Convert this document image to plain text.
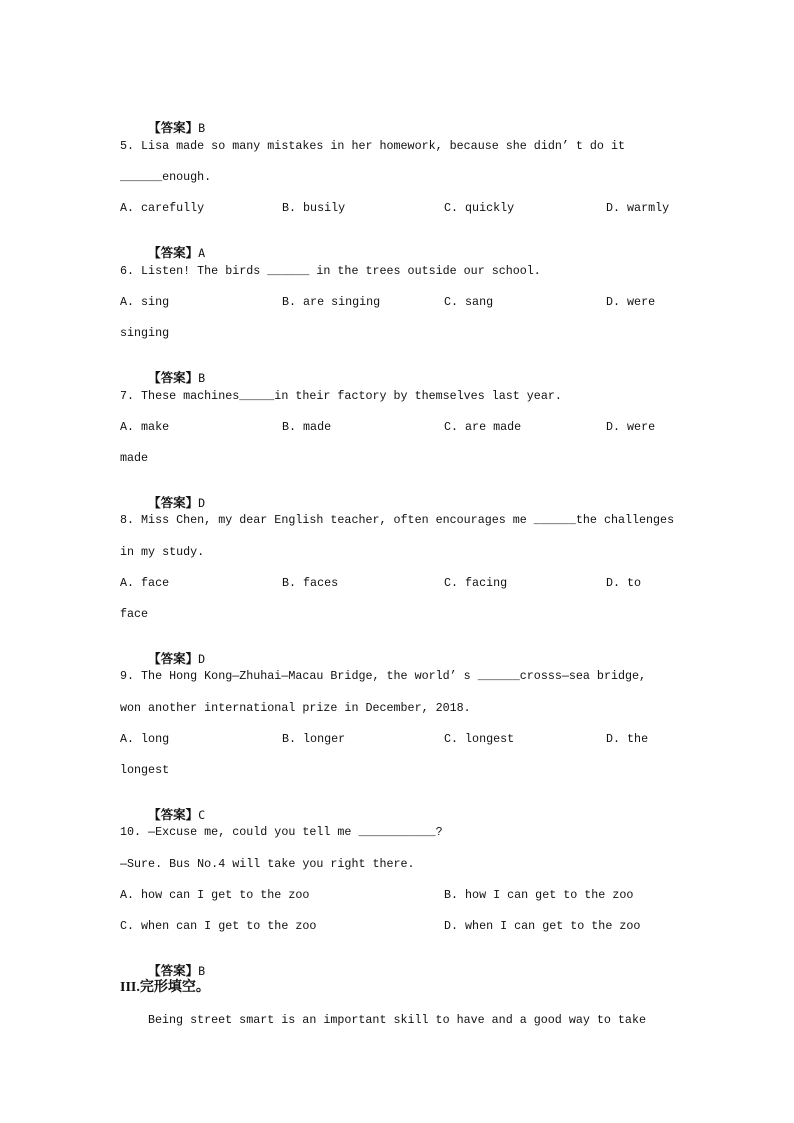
【答案】B

5. Lisa made so many mistakes in her homework, because she didn’ t do it
______enough.
A. carefully	B. busily	C. quickly	D. warmly

【答案】A

6. Listen! The birds ______ in the trees outside our school.
A. sing	B. are singing	C. sang	D. were
singing

【答案】B

7. These machines_____in their factory by themselves last year.
A. make	B. made	C. are made	D. were
made

【答案】D

8. Miss Chen, my dear English teacher, often encourages me ______the challenges
in my study.
A. face	B. faces	C. facing	D. to
face

【答案】D

9. The Hong Kong—Zhuhai—Macau Bridge, the world’ s ______crosss—sea bridge,
won another international prize in December, 2018.
A. long	B. longer	C. longest	D. the
longest

【答案】C

10. —Excuse me, could you tell me ___________?
—Sure. Bus No.4 will take you right there.
A. how can I get to the zoo	B. how I can get to the zoo
C. when can I get to the zoo	D. when I can get to the zoo

【答案】B

III.完形填空。
Being street smart is an important skill to have and a good way to take
